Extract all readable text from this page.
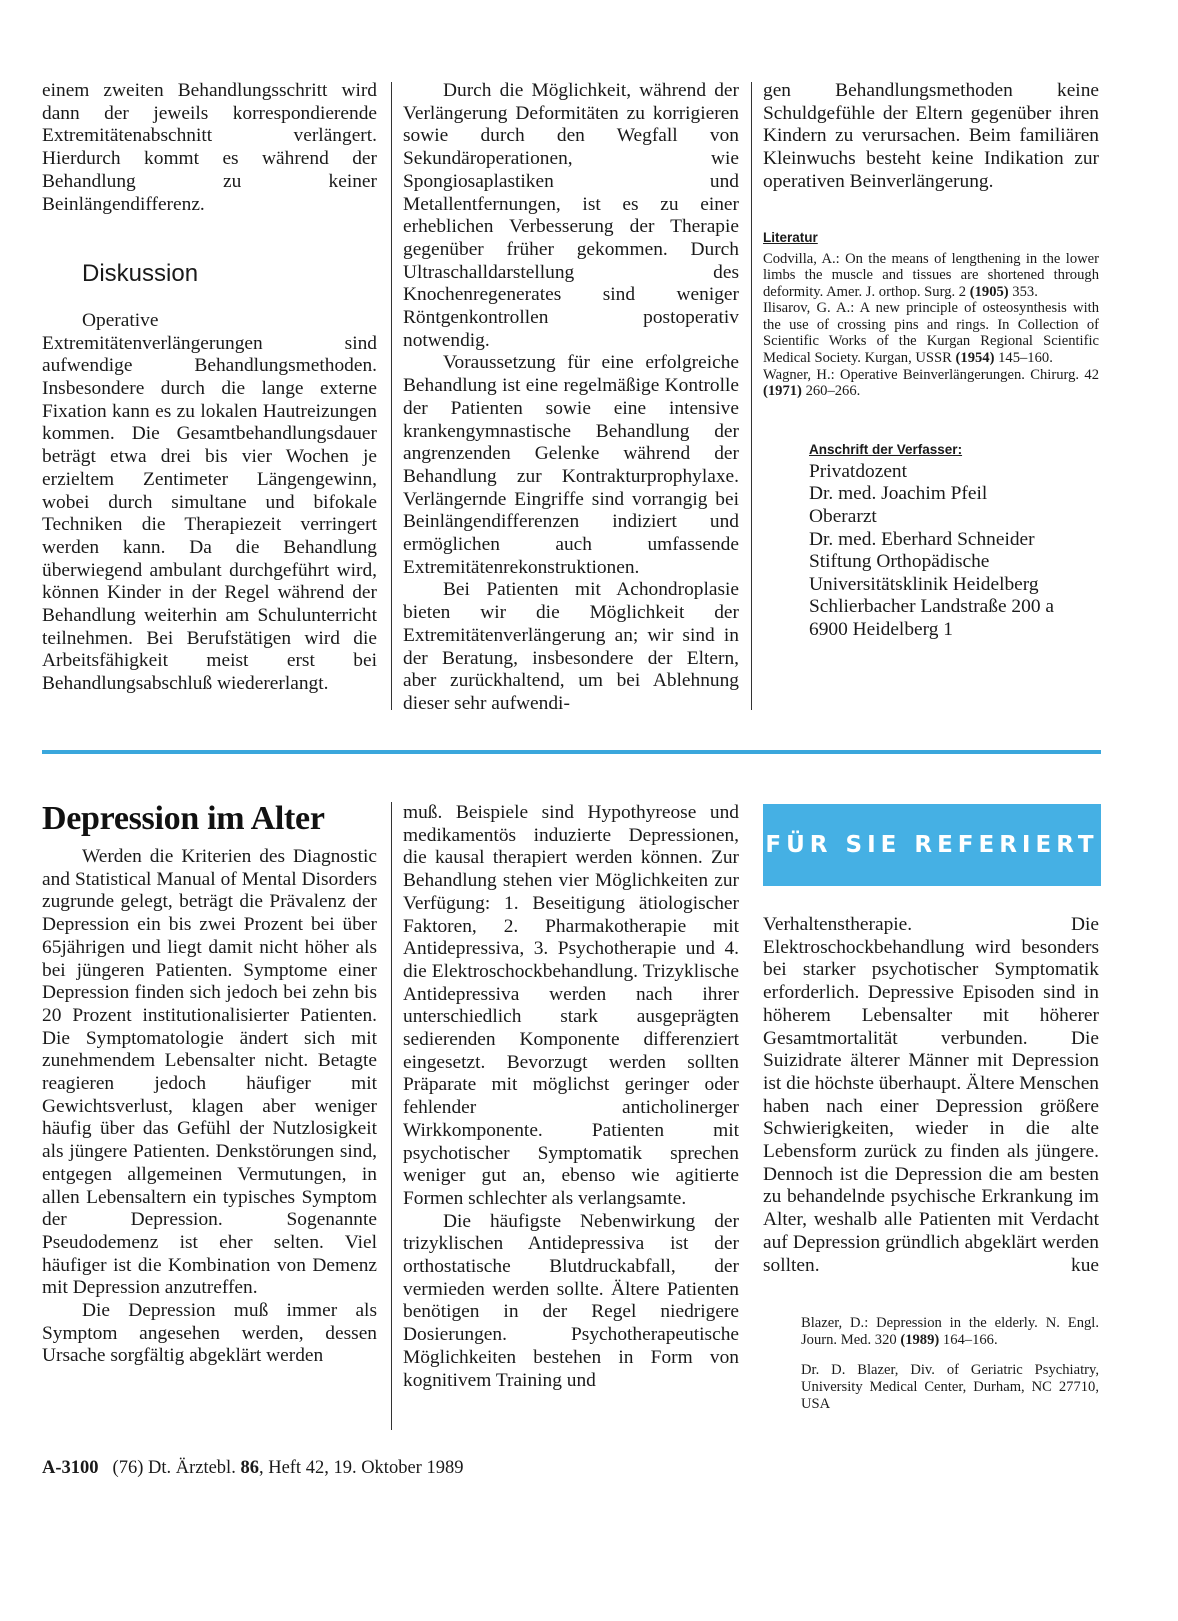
einem zweiten Behandlungsschritt wird dann der jeweils korrespondierende Extremitätenabschnitt verlängert. Hierdurch kommt es während der Behandlung zu keiner Beinlängendifferenz.

Diskussion

Operative Extremitätenverlängerungen sind aufwendige Behandlungsmethoden. Insbesondere durch die lange externe Fixation kann es zu lokalen Hautreizungen kommen. Die Gesamtbehandlungsdauer beträgt etwa drei bis vier Wochen je erzieltem Zentimeter Längengewinn, wobei durch simultane und bifokale Techniken die Therapiezeit verringert werden kann. Da die Behandlung überwiegend ambulant durchgeführt wird, können Kinder in der Regel während der Behandlung weiterhin am Schulunterricht teilnehmen. Bei Berufstätigen wird die Arbeitsfähigkeit meist erst bei Behandlungsabschluß wiedererlangt.

Durch die Möglichkeit, während der Verlängerung Deformitäten zu korrigieren sowie durch den Wegfall von Sekundäroperationen, wie Spongiosaplastiken und Metallentfernungen, ist es zu einer erheblichen Verbesserung der Therapie gegenüber früher gekommen. Durch Ultraschalldarstellung des Knochenregenerates sind weniger Röntgenkontrollen postoperativ notwendig.

Voraussetzung für eine erfolgreiche Behandlung ist eine regelmäßige Kontrolle der Patienten sowie eine intensive krankengymnastische Behandlung der angrenzenden Gelenke während der Behandlung zur Kontrakturprophylaxe. Verlängernde Eingriffe sind vorrangig bei Beinlängendifferenzen indiziert und ermöglichen auch umfassende Extremitätenrekonstruktionen.

Bei Patienten mit Achondroplasie bieten wir die Möglichkeit der Extremitätenverlängerung an; wir sind in der Beratung, insbesondere der Eltern, aber zurückhaltend, um bei Ablehnung dieser sehr aufwendi-

gen Behandlungsmethoden keine Schuldgefühle der Eltern gegenüber ihren Kindern zu verursachen. Beim familiären Kleinwuchs besteht keine Indikation zur operativen Beinverlängerung.

Literatur

Codvilla, A.: On the means of lengthening in the lower limbs the muscle and tissues are shortened through deformity. Amer. J. orthop. Surg. 2 (1905) 353.

Ilisarov, G. A.: A new principle of osteosynthesis with the use of crossing pins and rings. In Collection of Scientific Works of the Kurgan Regional Scientific Medical Society. Kurgan, USSR (1954) 145–160.

Wagner, H.: Operative Beinverlängerungen. Chirurg. 42 (1971) 260–266.

Anschrift der Verfasser:
Privatdozent
Dr. med. Joachim Pfeil
Oberarzt
Dr. med. Eberhard Schneider
Stiftung Orthopädische
Universitätsklinik Heidelberg
Schlierbacher Landstraße 200 a
6900 Heidelberg 1
Depression im Alter

Werden die Kriterien des Diagnostic and Statistical Manual of Mental Disorders zugrunde gelegt, beträgt die Prävalenz der Depression ein bis zwei Prozent bei über 65jährigen und liegt damit nicht höher als bei jüngeren Patienten. Symptome einer Depression finden sich jedoch bei zehn bis 20 Prozent institutionalisierter Patienten. Die Symptomatologie ändert sich mit zunehmendem Lebensalter nicht. Betagte reagieren jedoch häufiger mit Gewichtsverlust, klagen aber weniger häufig über das Gefühl der Nutzlosigkeit als jüngere Patienten. Denkstörungen sind, entgegen allgemeinen Vermutungen, in allen Lebensaltern ein typisches Symptom der Depression. Sogenannte Pseudodemenz ist eher selten. Viel häufiger ist die Kombination von Demenz mit Depression anzutreffen.

Die Depression muß immer als Symptom angesehen werden, dessen Ursache sorgfältig abgeklärt werden

muß. Beispiele sind Hypothyreose und medikamentös induzierte Depressionen, die kausal therapiert werden können. Zur Behandlung stehen vier Möglichkeiten zur Verfügung: 1. Beseitigung ätiologischer Faktoren, 2. Pharmakotherapie mit Antidepressiva, 3. Psychotherapie und 4. die Elektroschockbehandlung. Trizyklische Antidepressiva werden nach ihrer unterschiedlich stark ausgeprägten sedierenden Komponente differenziert eingesetzt. Bevorzugt werden sollten Präparate mit möglichst geringer oder fehlender anticholinerger Wirkkomponente. Patienten mit psychotischer Symptomatik sprechen weniger gut an, ebenso wie agitierte Formen schlechter als verlangsamte.

Die häufigste Nebenwirkung der trizyklischen Antidepressiva ist der orthostatische Blutdruckabfall, der vermieden werden sollte. Ältere Patienten benötigen in der Regel niedrigere Dosierungen. Psychotherapeutische Möglichkeiten bestehen in Form von kognitivem Training und

FÜR SIE REFERIERT

Verhaltenstherapie. Die Elektroschockbehandlung wird besonders bei starker psychotischer Symptomatik erforderlich. Depressive Episoden sind in höherem Lebensalter mit höherer Gesamtmortalität verbunden. Die Suizidrate älterer Männer mit Depression ist die höchste überhaupt. Ältere Menschen haben nach einer Depression größere Schwierigkeiten, wieder in die alte Lebensform zurück zu finden als jüngere. Dennoch ist die Depression die am besten zu behandelnde psychische Erkrankung im Alter, weshalb alle Patienten mit Verdacht auf Depression gründlich abgeklärt werden sollten.	kue

Blazer, D.: Depression in the elderly. N. Engl. Journ. Med. 320 (1989) 164–166.

Dr. D. Blazer, Div. of Geriatric Psychiatry, University Medical Center, Durham, NC 27710, USA

A-3100 (76) Dt. Ärztebl. 86, Heft 42, 19. Oktober 1989
